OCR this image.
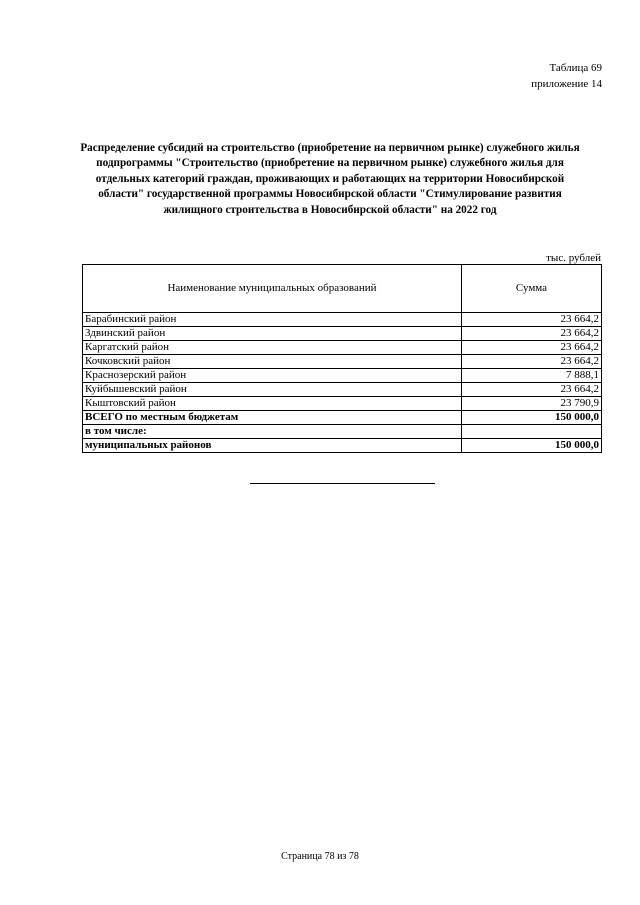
Таблица 69
приложение 14
Распределение субсидий на строительство (приобретение на первичном рынке) служебного жилья подпрограммы "Строительство (приобретение на первичном рынке) служебного жилья для отдельных категорий граждан, проживающих и работающих на территории Новосибирской области" государственной программы Новосибирской области "Стимулирование развития жилищного строительства в Новосибирской области" на 2022 год
тыс. рублей
Наименование муниципальных образований	Сумма
Барабинский район	23 664,2
Здвинский район	23 664,2
Каргатский район	23 664,2
Кочковский район	23 664,2
Краснозерский район	7 888,1
Куйбышевский район	23 664,2
Кыштовский район	23 790,9
ВСЕГО по местным бюджетам	150 000,0
в том числе:	
муниципальных районов	150 000,0
Страница 78 из 78
